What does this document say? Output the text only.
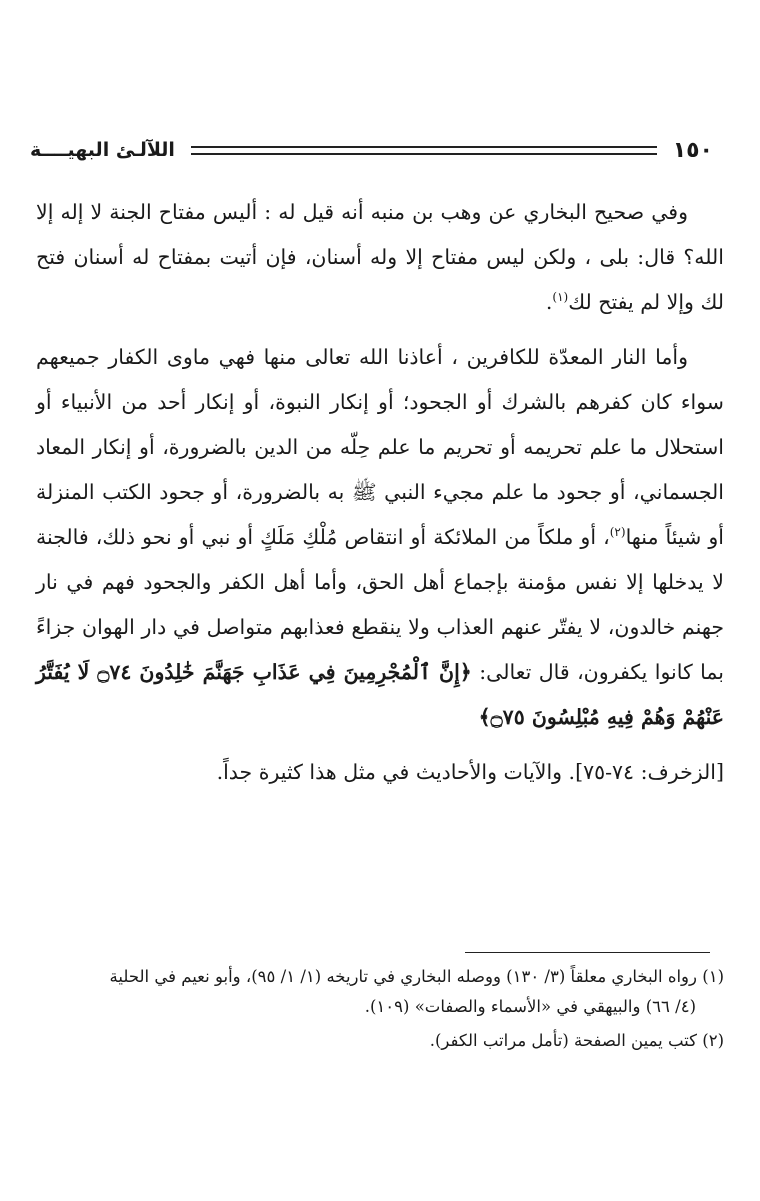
١٥٠
اللآلـئ البهيــــة

وفي صحيح البخاري عن وهب بن منبه أنه قيل له : أليس مفتاح الجنة لا إله إلا الله؟ قال: بلى ، ولكن ليس مفتاح إلا وله أسنان، فإن أتيت بمفتاح له أسنان فتح لك وإلا لم يفتح لك$^{(١)}$.

وأما النار المعدّة للكافرين ، أعاذنا الله تعالى منها فهي ماوى الكفار جميعهم سواء كان كفرهم بالشرك أو الجحود؛ أو إنكار النبوة، أو إنكار أحد من الأنبياء أو استحلال ما علم تحريمه أو تحريم ما علم حِلّه من الدين بالضرورة، أو إنكار المعاد الجسماني، أو جحود ما علم مجيء النبي ﷺ به بالضرورة، أو جحود الكتب المنزلة أو شيئاً منها$^{(٢)}$، أو ملكاً من الملائكة أو انتقاص مُلْكِ مَلَكٍ أو نبي أو نحو ذلك، فالجنة لا يدخلها إلا نفس مؤمنة بإجماع أهل الحق، وأما أهل الكفر والجحود فهم في نار جهنم خالدون، لا يفتّر عنهم العذاب ولا ينقطع فعذابهم متواصل في دار الهوان جزاءً بما كانوا يكفرون، قال تعالى: ﴿إِنَّ ٱلْمُجْرِمِينَ فِي عَذَابِ جَهَنَّمَ خَٰلِدُونَ ۝٧٤ لَا يُفَتَّرُ عَنْهُمْ وَهُمْ فِيهِ مُبْلِسُونَ ۝٧٥﴾

[الزخرف: ٧٤-٧٥]. والآيات والأحاديث في مثل هذا كثيرة جداً.

(١) رواه البخاري معلقاً (٣/ ١٣٠) ووصله البخاري في تاريخه (١/ ١/ ٩٥)، وأبو نعيم في الحلية
(٤/ ٦٦) والبيهقي في «الأسماء والصفات» (١٠٩).

(٢) كتب يمين الصفحة (تأمل مراتب الكفر).
